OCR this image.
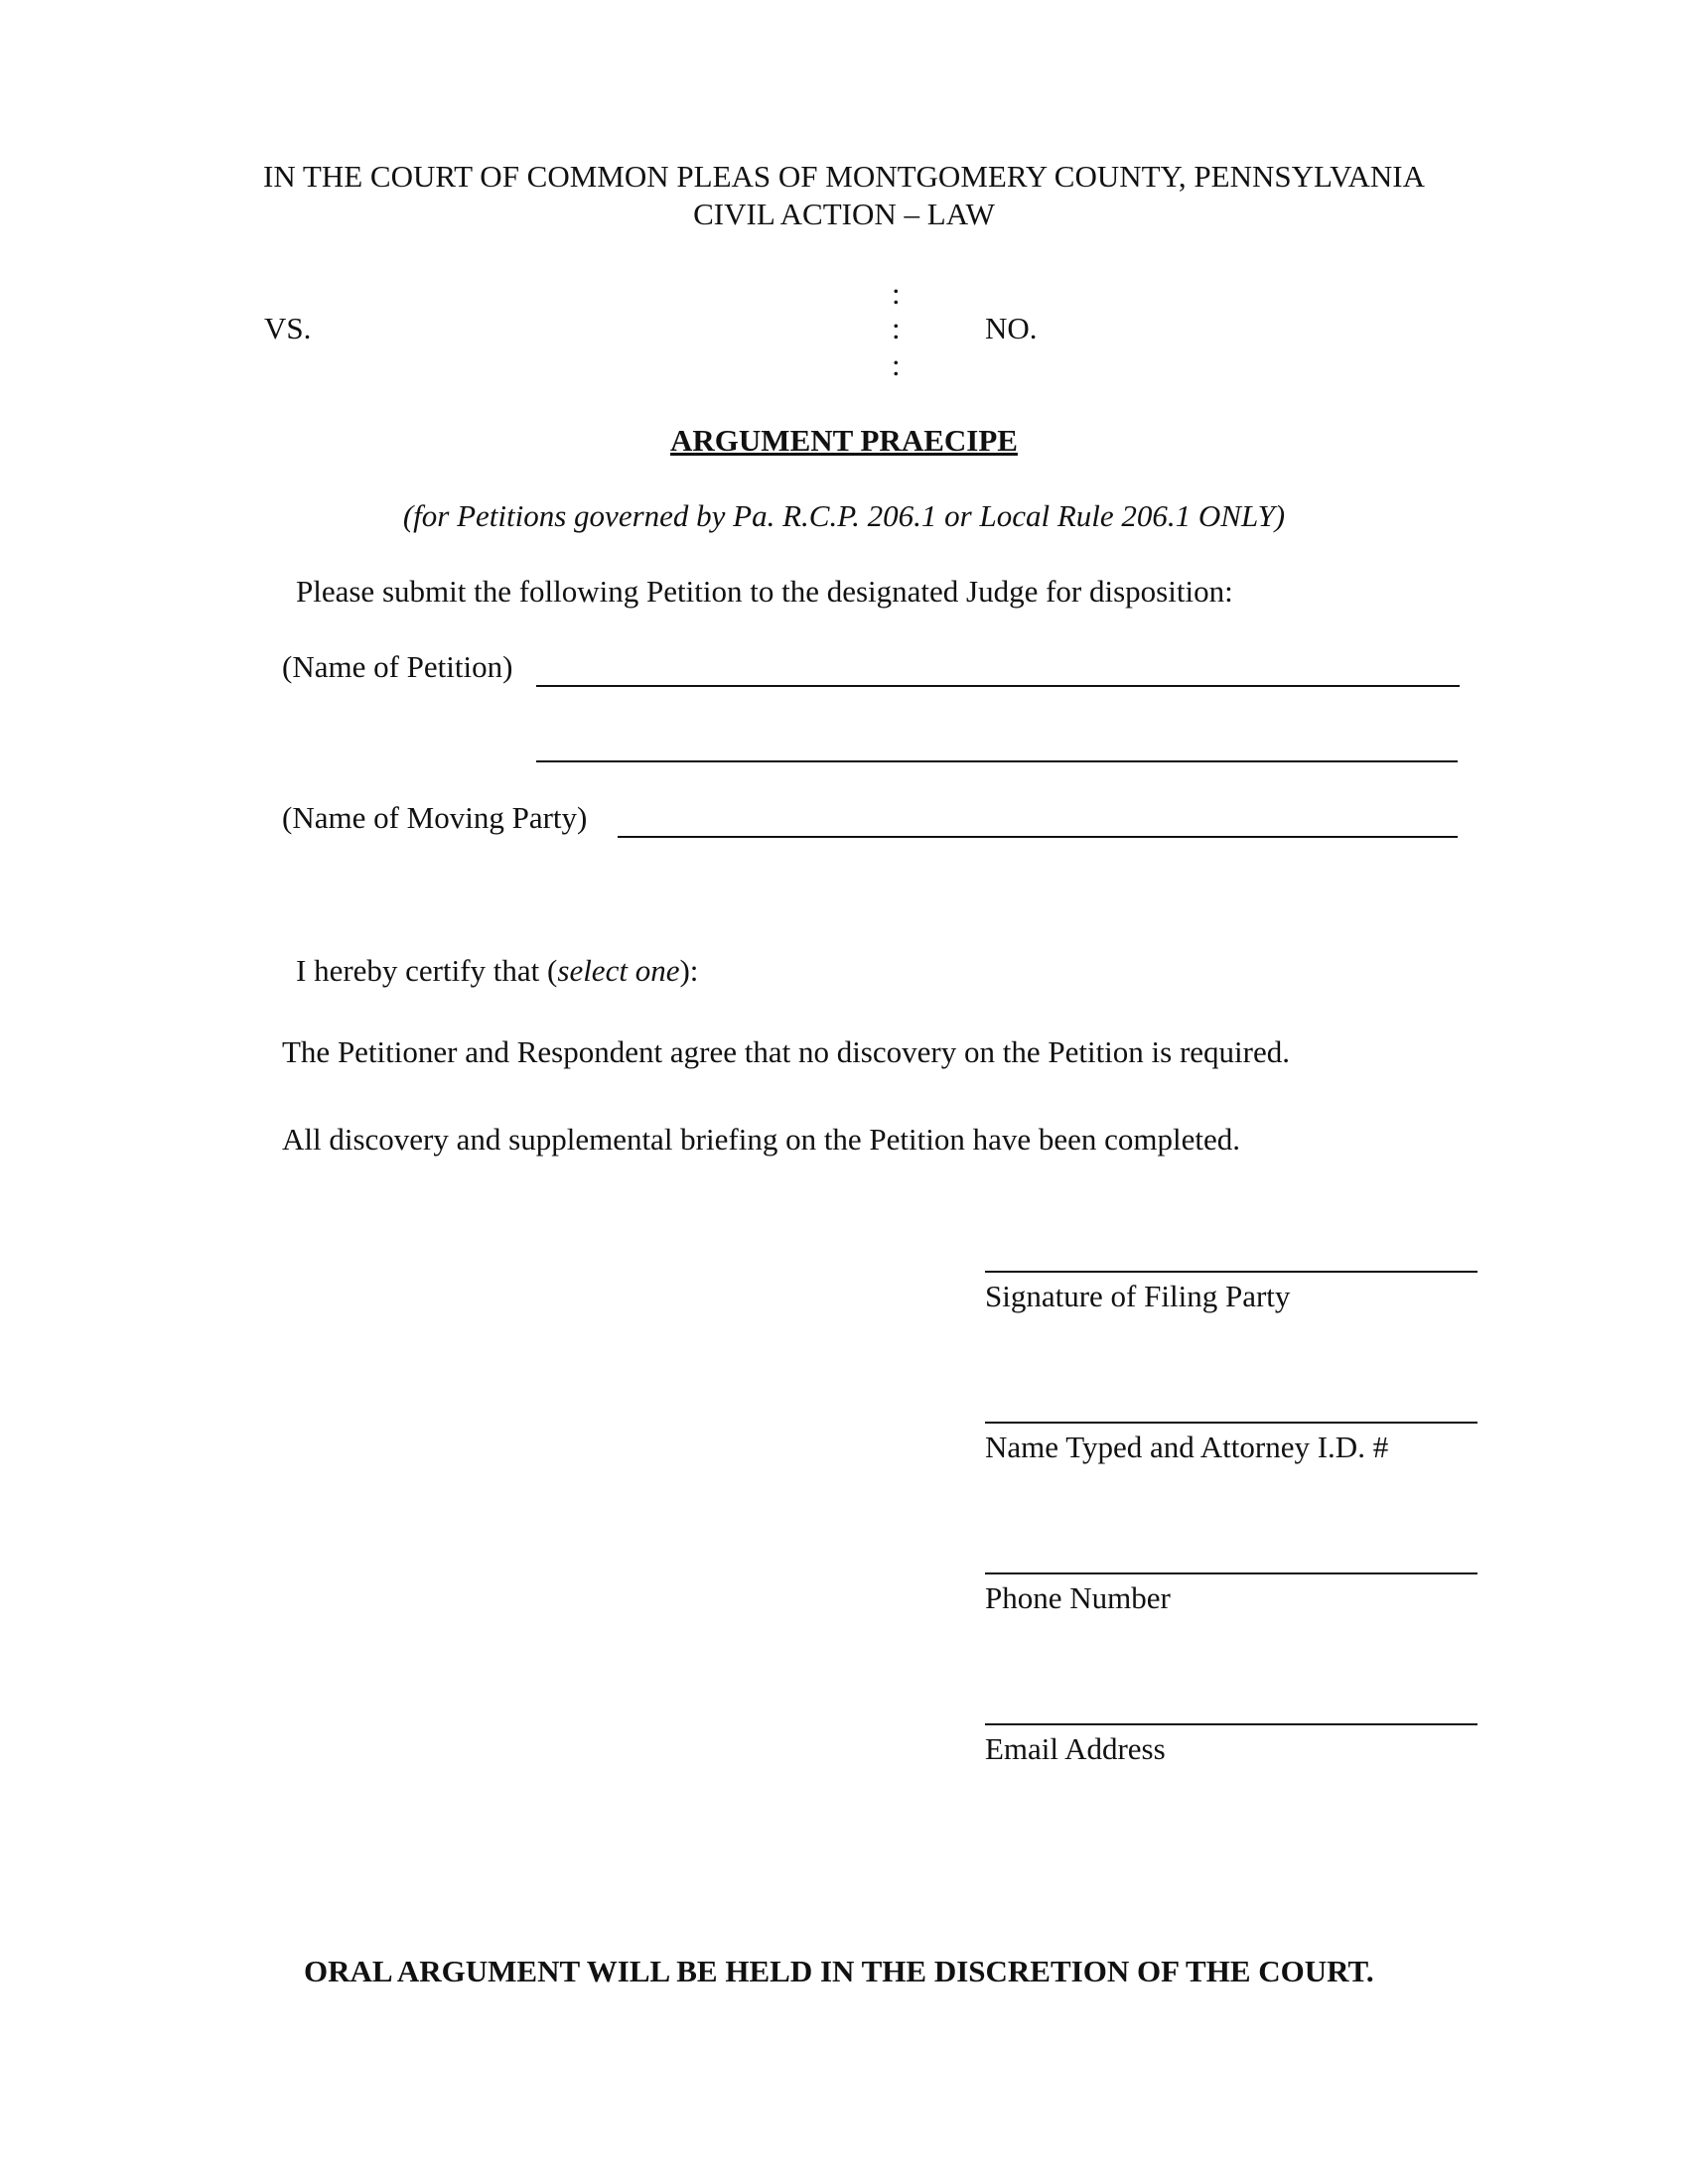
IN THE COURT OF COMMON PLEAS OF MONTGOMERY COUNTY, PENNSYLVANIA
CIVIL ACTION – LAW
:
VS.	:	NO.
:
ARGUMENT PRAECIPE
(for Petitions governed by Pa. R.C.P. 206.1 or Local Rule 206.1 ONLY)
Please submit the following Petition to the designated Judge for disposition:
(Name of Petition)
(Name of Moving Party)
I hereby certify that (select one):
The Petitioner and Respondent agree that no discovery on the Petition is required.
All discovery and supplemental briefing on the Petition have been completed.
Signature of Filing Party
Name Typed and Attorney I.D. #
Phone Number
Email Address
ORAL ARGUMENT WILL BE HELD IN THE DISCRETION OF THE COURT.
